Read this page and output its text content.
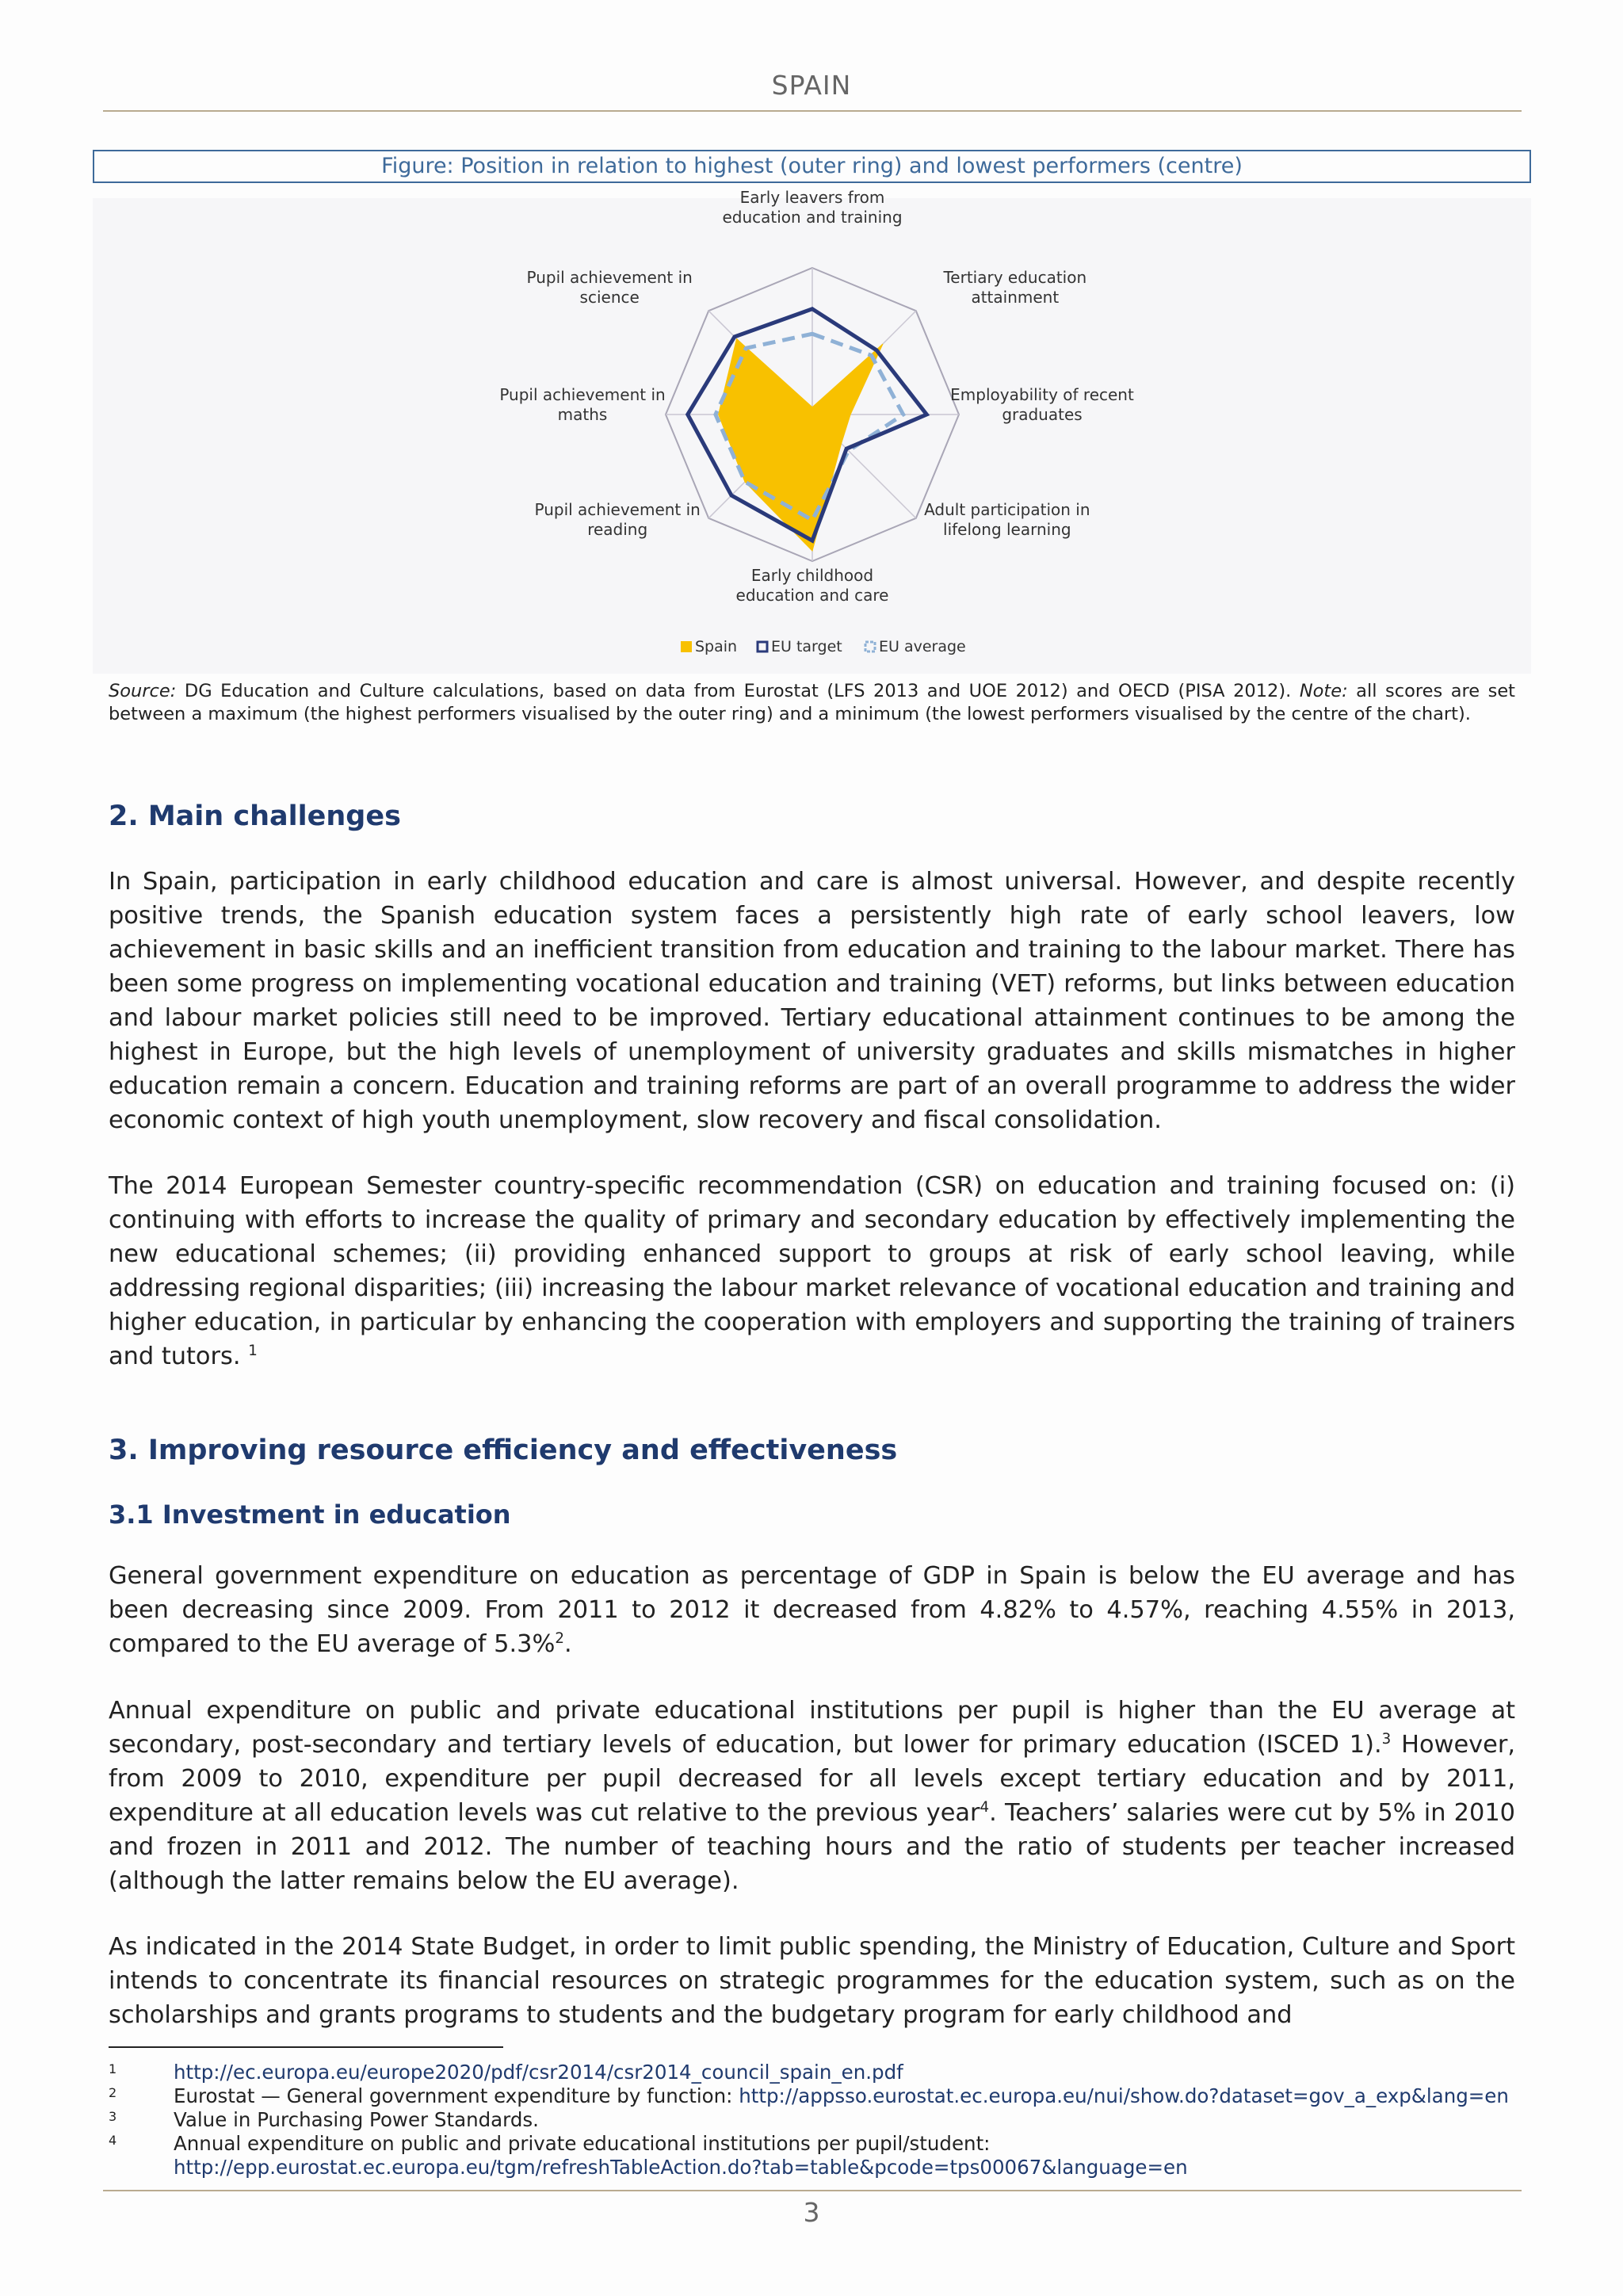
SPAIN
Figure: Position in relation to highest (outer ring) and lowest performers (centre)
Early leavers from
education and training
Tertiary education
attainment
Employability of recent
graduates
Adult participation in
lifelong learning
Early childhood
education and care
Pupil achievement in
reading
Pupil achievement in
maths
Pupil achievement in
science
Spain EU target EU average
Source: DG Education and Culture calculations, based on data from Eurostat (LFS 2013 and UOE 2012) and OECD (PISA 2012). Note: all scores are set between a maximum (the highest performers visualised by the outer ring) and a minimum (the lowest performers visualised by the centre of the chart).
2. Main challenges

In Spain, participation in early childhood education and care is almost universal. However, and despite recently positive trends, the Spanish education system faces a persistently high rate of early school leavers, low achievement in basic skills and an inefficient transition from education and training to the labour market. There has been some progress on implementing vocational education and training (VET) reforms, but links between education and labour market policies still need to be improved. Tertiary educational attainment continues to be among the highest in Europe, but the high levels of unemployment of university graduates and skills mismatches in higher education remain a concern. Education and training reforms are part of an overall programme to address the wider economic context of high youth unemployment, slow recovery and fiscal consolidation.

The 2014 European Semester country-specific recommendation (CSR) on education and training focused on: (i) continuing with efforts to increase the quality of primary and secondary education by effectively implementing the new educational schemes; (ii) providing enhanced support to groups at risk of early school leaving, while addressing regional disparities; (iii) increasing the labour market relevance of vocational education and training and higher education, in particular by enhancing the cooperation with employers and supporting the training of trainers and tutors. $^1$

3. Improving resource efficiency and effectiveness
3.1 Investment in education

General government expenditure on education as percentage of GDP in Spain is below the EU average and has been decreasing since 2009. From 2011 to 2012 it decreased from 4.82% to 4.57%, reaching 4.55% in 2013, compared to the EU average of 5.3%$^2$.

Annual expenditure on public and private educational institutions per pupil is higher than the EU average at secondary, post-secondary and tertiary levels of education, but lower for primary education (ISCED 1).$^3$ However, from 2009 to 2010, expenditure per pupil decreased for all levels except tertiary education and by 2011, expenditure at all education levels was cut relative to the previous year$^4$. Teachers’ salaries were cut by 5% in 2010 and frozen in 2011 and 2012. The number of teaching hours and the ratio of students per teacher increased (although the latter remains below the EU average).

As indicated in the 2014 State Budget, in order to limit public spending, the Ministry of Education, Culture and Sport intends to concentrate its financial resources on strategic programmes for the education system, such as on the scholarships and grants programs to students and the budgetary program for early childhood and

1	http://ec.europa.eu/europe2020/pdf/csr2014/csr2014_council_spain_en.pdf
2	Eurostat — General government expenditure by function: http://appsso.eurostat.ec.europa.eu/nui/show.do?dataset=gov_a_exp&lang=en
3	Value in Purchasing Power Standards.
4	Annual expenditure on public and private educational institutions per pupil/student:
http://epp.eurostat.ec.europa.eu/tgm/refreshTableAction.do?tab=table&pcode=tps00067&language=en
3
